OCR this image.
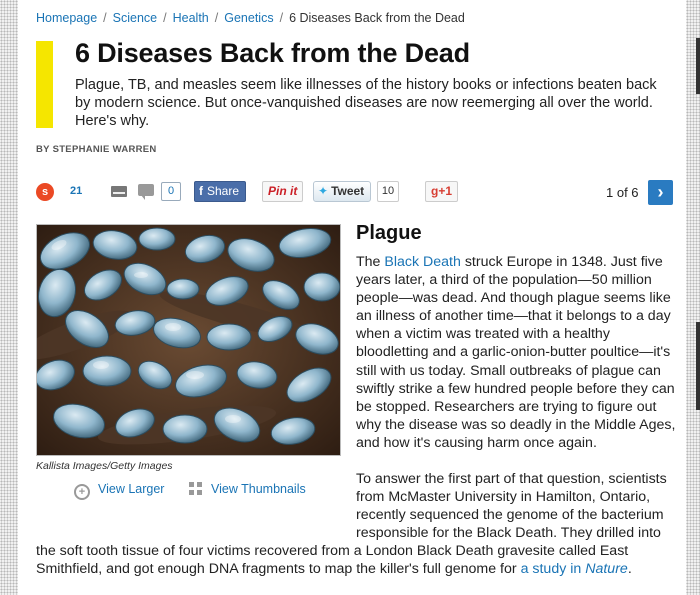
Homepage / Science / Health / Genetics / 6 Diseases Back from the Dead
6 Diseases Back from the Dead

Plague, TB, and measles seem like illnesses of the history books or infections beaten back by modern science. But once-vanquished diseases are now reemerging all over the world. Here's why.

BY STEPHANIE WARREN
s	21	0	f Share	Pin it	✦ Tweet	10	g+1	1 of 6	›
Kallista Images/Getty Images
+ View Larger	View Thumbnails
Plague

The Black Death struck Europe in 1348. Just five years later, a third of the population—50 million people—was dead. And though plague seems like an illness of another time—that it belongs to a day when a victim was treated with a healthy bloodletting and a garlic-onion-butter poultice—it's still with us today. Small outbreaks of plague can swiftly strike a few hundred people before they can be stopped. Researchers are trying to figure out why the disease was so deadly in the Middle Ages, and how it's causing harm once again.

To answer the first part of that question, scientists from McMaster University in Hamilton, Ontario, recently sequenced the genome of the bacterium responsible for the Black Death. They drilled into

the soft tooth tissue of four victims recovered from a London Black Death gravesite called East Smithfield, and got enough DNA fragments to map the killer's full genome for a study in Nature.
